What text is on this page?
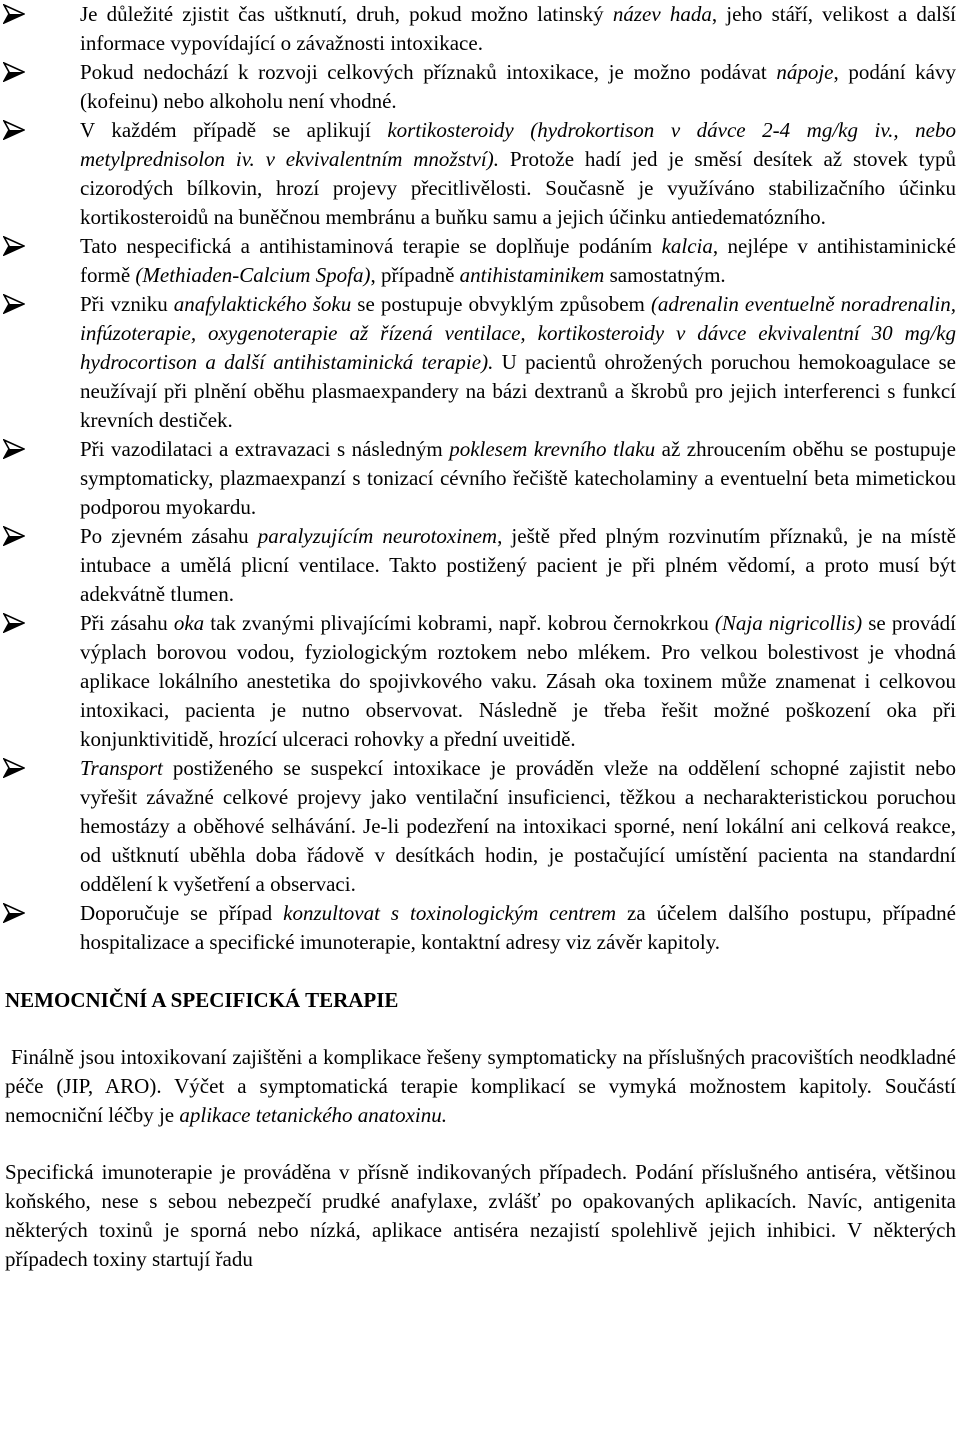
Je důležité zjistit čas uštknutí, druh, pokud možno latinský název hada, jeho stáří, velikost a další informace vypovídající o závažnosti intoxikace.
Pokud nedochází k rozvoji celkových příznaků intoxikace, je možno podávat nápoje, podání kávy (kofeinu) nebo alkoholu není vhodné.
V každém případě se aplikují kortikosteroidy (hydrokortison v dávce 2-4 mg/kg iv., nebo metylprednisolon iv. v ekvivalentním množství). Protože hadí jed je směsí desítek až stovek typů cizorodých bílkovin, hrozí projevy přecitlivělosti. Současně je využíváno stabilizačního účinku kortikosteroidů na buněčnou membránu a buňku samu a jejich účinku antiedematózního.
Tato nespecifická a antihistaminová terapie se doplňuje podáním kalcia, nejlépe v antihistaminické formě (Methiaden-Calcium Spofa), případně antihistaminikem samostatným.
Při vzniku anafylaktického šoku se postupuje obvyklým způsobem (adrenalin eventuelně noradrenalin, infúzoterapie, oxygenoterapie až řízená ventilace, kortikosteroidy v dávce ekvivalentní 30 mg/kg hydrocortison a další antihistaminická terapie). U pacientů ohrožených poruchou hemokoagulace se neužívají při plnění oběhu plasmaexpandery na bázi dextranů a škrobů pro jejich interferenci s funkcí krevních destiček.
Při vazodilataci a extravazaci s následným poklesem krevního tlaku až zhroucením oběhu se postupuje symptomaticky, plazmaexpanzí s tonizací cévního řečiště katecholaminy a eventuelní beta mimetickou podporou myokardu.
Po zjevném zásahu paralyzujícím neurotoxinem, ještě před plným rozvinutím příznaků, je na místě intubace a umělá plicní ventilace. Takto postižený pacient je při plném vědomí, a proto musí být adekvátně tlumen.
Při zásahu oka tak zvanými plivajícími kobrami, např. kobrou černokrkou (Naja nigricollis) se provádí výplach borovou vodou, fyziologickým roztokem nebo mlékem. Pro velkou bolestivost je vhodná aplikace lokálního anestetika do spojivkového vaku. Zásah oka toxinem může znamenat i celkovou intoxikaci, pacienta je nutno observovat. Následně je třeba řešit možné poškození oka při konjunktivitidě, hrozící ulceraci rohovky a přední uveitidě.
Transport postiženého se suspekcí intoxikace je prováděn vleže na oddělení schopné zajistit nebo vyřešit závažné celkové projevy jako ventilační insuficienci, těžkou a necharakteristickou poruchou hemostázy a oběhové selhávání. Je-li podezření na intoxikaci sporné, není lokální ani celková reakce, od uštknutí uběhla doba řádově v desítkách hodin, je postačující umístění pacienta na standardní oddělení k vyšetření a observaci.
Doporučuje se případ konzultovat s toxinologickým centrem za účelem dalšího postupu, případné hospitalizace a specifické imunoterapie, kontaktní adresy viz závěr kapitoly.
NEMOCNIČNÍ A SPECIFICKÁ TERAPIE

Finálně jsou intoxikovaní zajištěni a komplikace řešeny symptomaticky na příslušných pracovištích neodkladné péče (JIP, ARO). Výčet a symptomatická terapie komplikací se vymyká možnostem kapitoly. Součástí nemocniční léčby je aplikace tetanického anatoxinu.

Specifická imunoterapie je prováděna v přísně indikovaných případech. Podání příslušného antiséra, většinou koňského, nese s sebou nebezpečí prudké anafylaxe, zvlášť po opakovaných aplikacích. Navíc, antigenita některých toxinů je sporná nebo nízká, aplikace antiséra nezajistí spolehlivě jejich inhibici. V některých případech toxiny startují řadu
